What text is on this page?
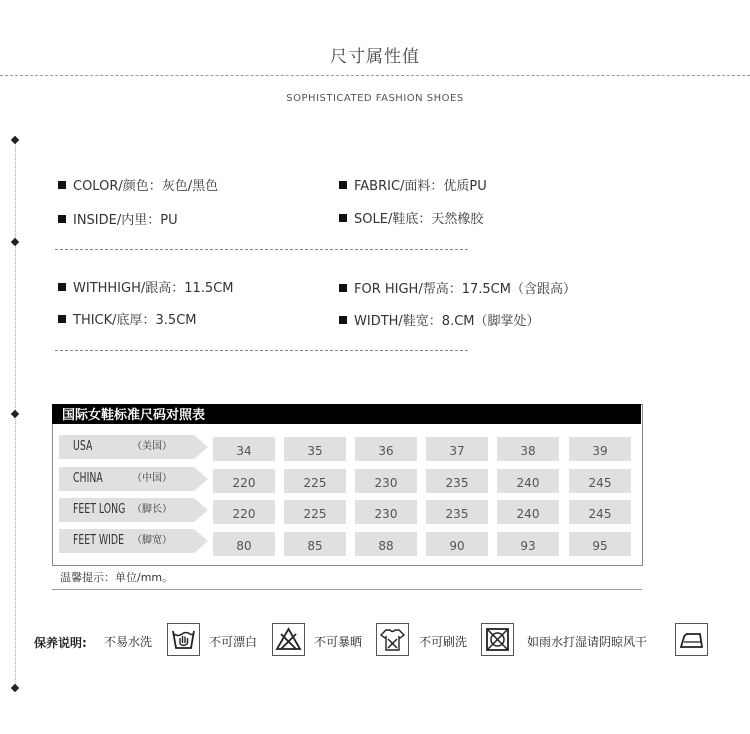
尺寸属性值
SOPHISTICATED FASHION SHOES
COLOR/颜色：灰色/黑色	FABRIC/面料：优质PU
INSIDE/内里：PU	SOLE/鞋底：天然橡胶
WITHHIGH/跟高：11.5CM	FOR HIGH/帮高：17.5CM（含跟高）
THICK/底厚：3.5CM	WIDTH/鞋宽：8.CM（脚掌处）
国际女鞋标准尺码对照表
USA	（美国）	34	35	36	37	38	39
CHINA	（中国）	220	225	230	235	240	245
FEET LONG （脚长）	220	225	230	235	240	245
FEET WIDE （脚宽）	80	85	88	90	93	95
温馨提示：单位/mm。
保养说明: 不易水洗	不可漂白	不可暴晒	不可刷洗	如雨水打湿请阴晾风干
